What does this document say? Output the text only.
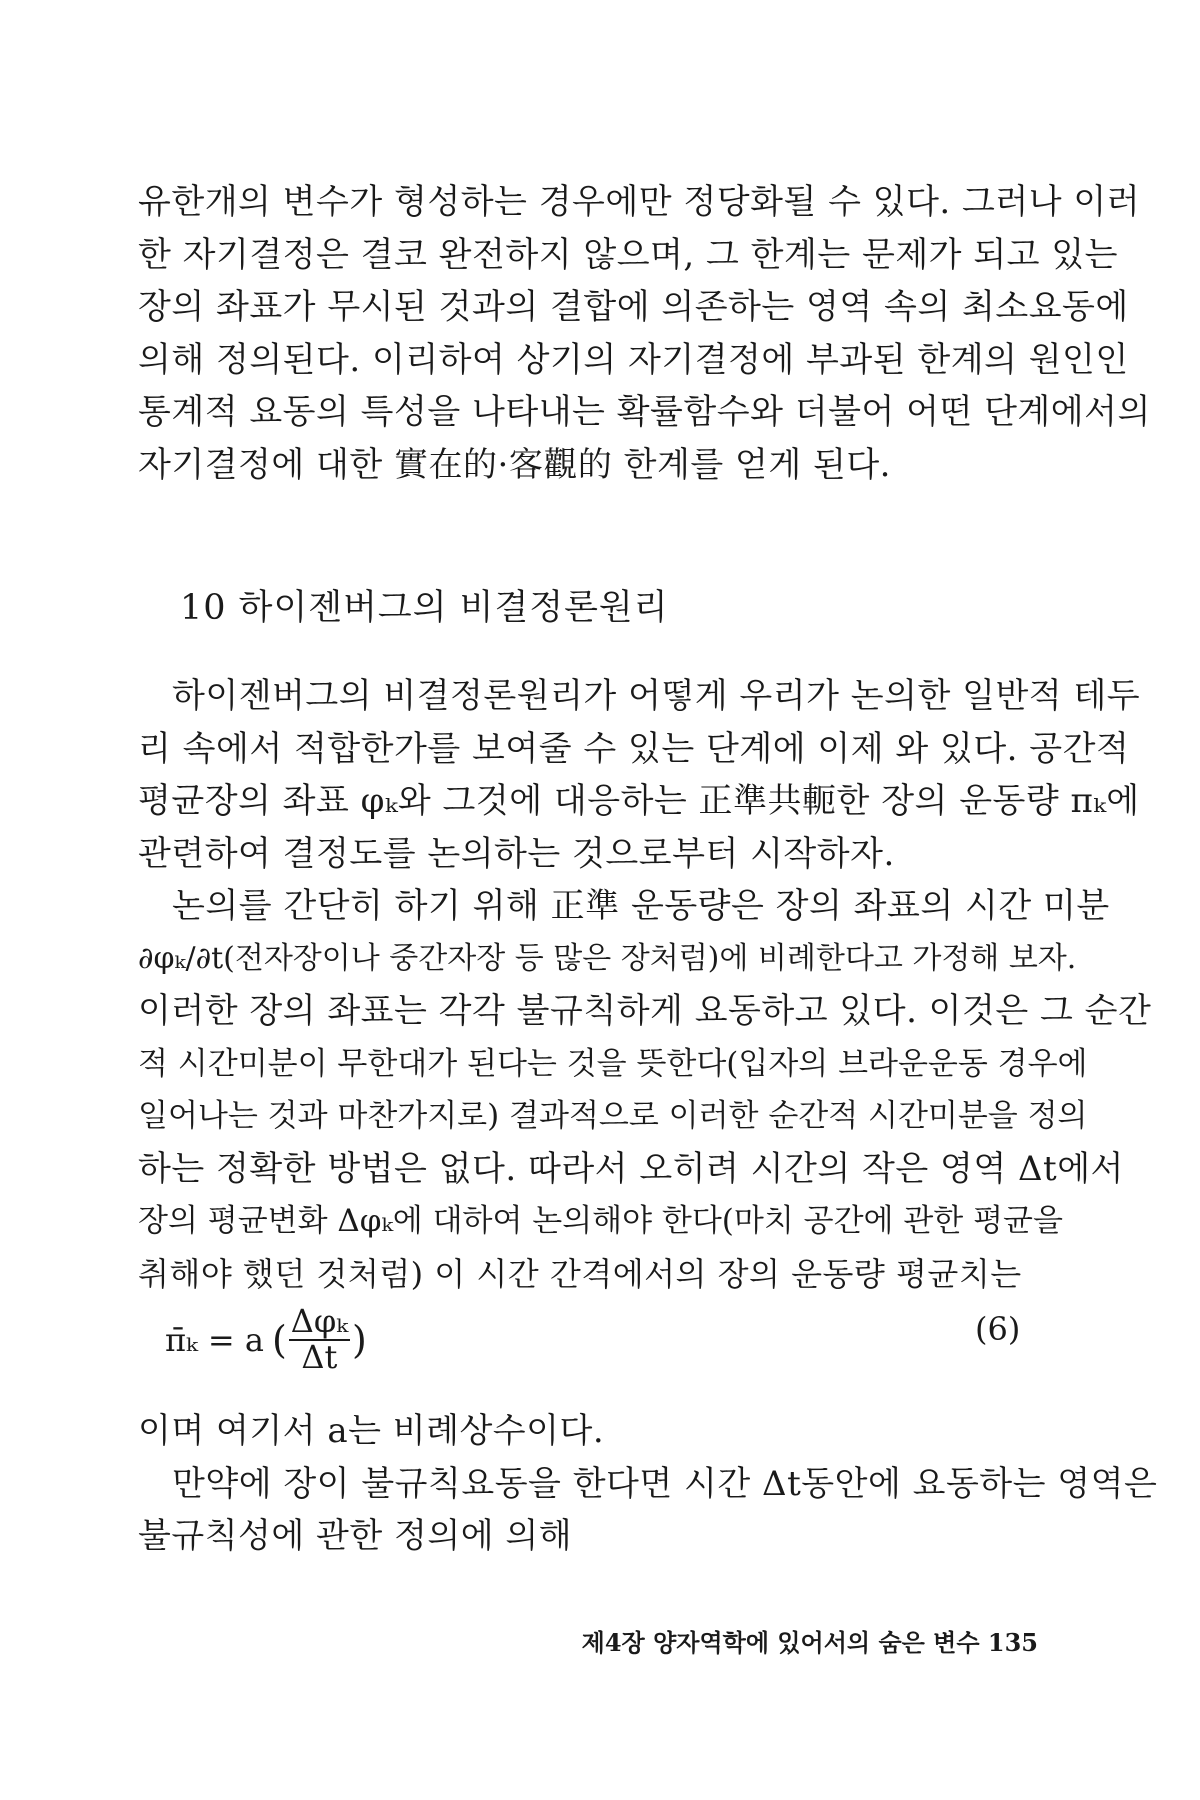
유한개의 변수가 형성하는 경우에만 정당화될 수 있다. 그러나 이러
한 자기결정은 결코 완전하지 않으며, 그 한계는 문제가 되고 있는
장의 좌표가 무시된 것과의 결합에 의존하는 영역 속의 최소요동에
의해 정의된다. 이리하여 상기의 자기결정에 부과된 한계의 원인인
통계적 요동의 특성을 나타내는 확률함수와 더불어 어떤 단계에서의
자기결정에 대한 實在的·客觀的 한계를 얻게 된다.
10 하이젠버그의 비결정론원리
하이젠버그의 비결정론원리가 어떻게 우리가 논의한 일반적 테두
리 속에서 적합한가를 보여줄 수 있는 단계에 이제 와 있다. 공간적
평균장의 좌표 φₖ와 그것에 대응하는 正準共軛한 장의 운동량 πₖ에
관련하여 결정도를 논의하는 것으로부터 시작하자.
논의를 간단히 하기 위해 正準 운동량은 장의 좌표의 시간 미분
∂φₖ/∂t(전자장이나 중간자장 등 많은 장처럼)에 비례한다고 가정해 보자.
이러한 장의 좌표는 각각 불규칙하게 요동하고 있다. 이것은 그 순간
적 시간미분이 무한대가 된다는 것을 뜻한다(입자의 브라운운동 경우에
일어나는 것과 마찬가지로) 결과적으로 이러한 순간적 시간미분을 정의
하는 정확한 방법은 없다. 따라서 오히려 시간의 작은 영역 Δt에서
장의 평균변화 Δφₖ에 대하여 논의해야 한다(마치 공간에 관한 평균을
취해야 했던 것처럼) 이 시간 간격에서의 장의 운동량 평균치는
π̄ₖ = a ( $\frac{\text{Δφₖ}}{\Delta t}$ )	(6)
이며 여기서 a는 비례상수이다.
만약에 장이 불규칙요동을 한다면 시간 Δt동안에 요동하는 영역은
불규칙성에 관한 정의에 의해
제4장 양자역학에 있어서의 숨은 변수 135
